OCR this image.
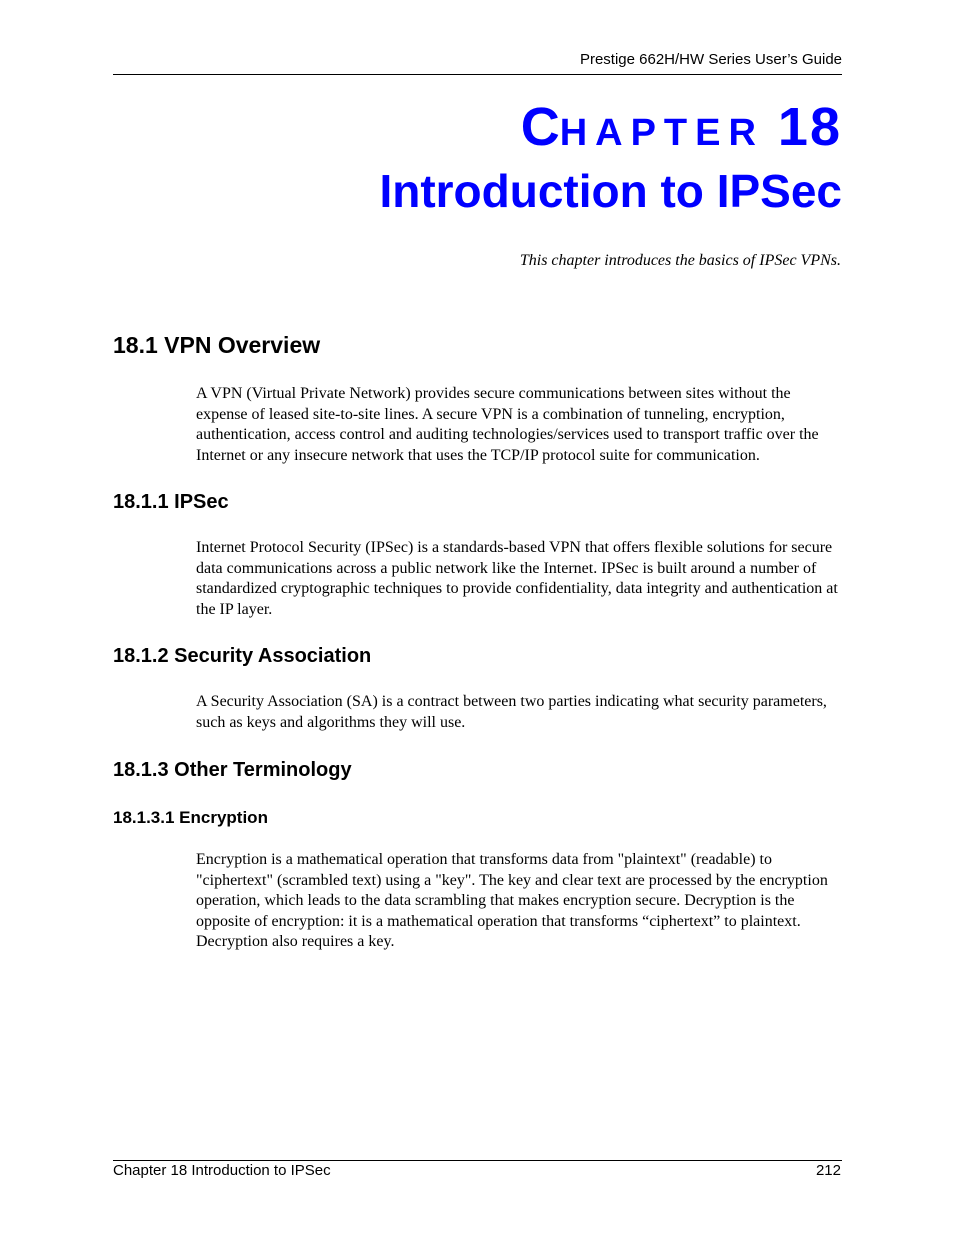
Prestige 662H/HW Series User’s Guide
CHAPTER 18
Introduction to IPSec
This chapter introduces the basics of IPSec VPNs.
18.1 VPN Overview

A VPN (Virtual Private Network) provides secure communications between sites without the expense of leased site-to-site lines. A secure VPN is a combination of tunneling, encryption, authentication, access control and auditing technologies/services used to transport traffic over the Internet or any insecure network that uses the TCP/IP protocol suite for communication.

18.1.1 IPSec

Internet Protocol Security (IPSec) is a standards-based VPN that offers flexible solutions for secure data communications across a public network like the Internet. IPSec is built around a number of standardized cryptographic techniques to provide confidentiality, data integrity and authentication at the IP layer.

18.1.2 Security Association

A Security Association (SA) is a contract between two parties indicating what security parameters, such as keys and algorithms they will use.

18.1.3 Other Terminology
18.1.3.1 Encryption

Encryption is a mathematical operation that transforms data from "plaintext" (readable) to "ciphertext" (scrambled text) using a "key". The key and clear text are processed by the encryption operation, which leads to the data scrambling that makes encryption secure. Decryption is the opposite of encryption: it is a mathematical operation that transforms “ciphertext” to plaintext. Decryption also requires a key.

Chapter 18 Introduction to IPSec	212
